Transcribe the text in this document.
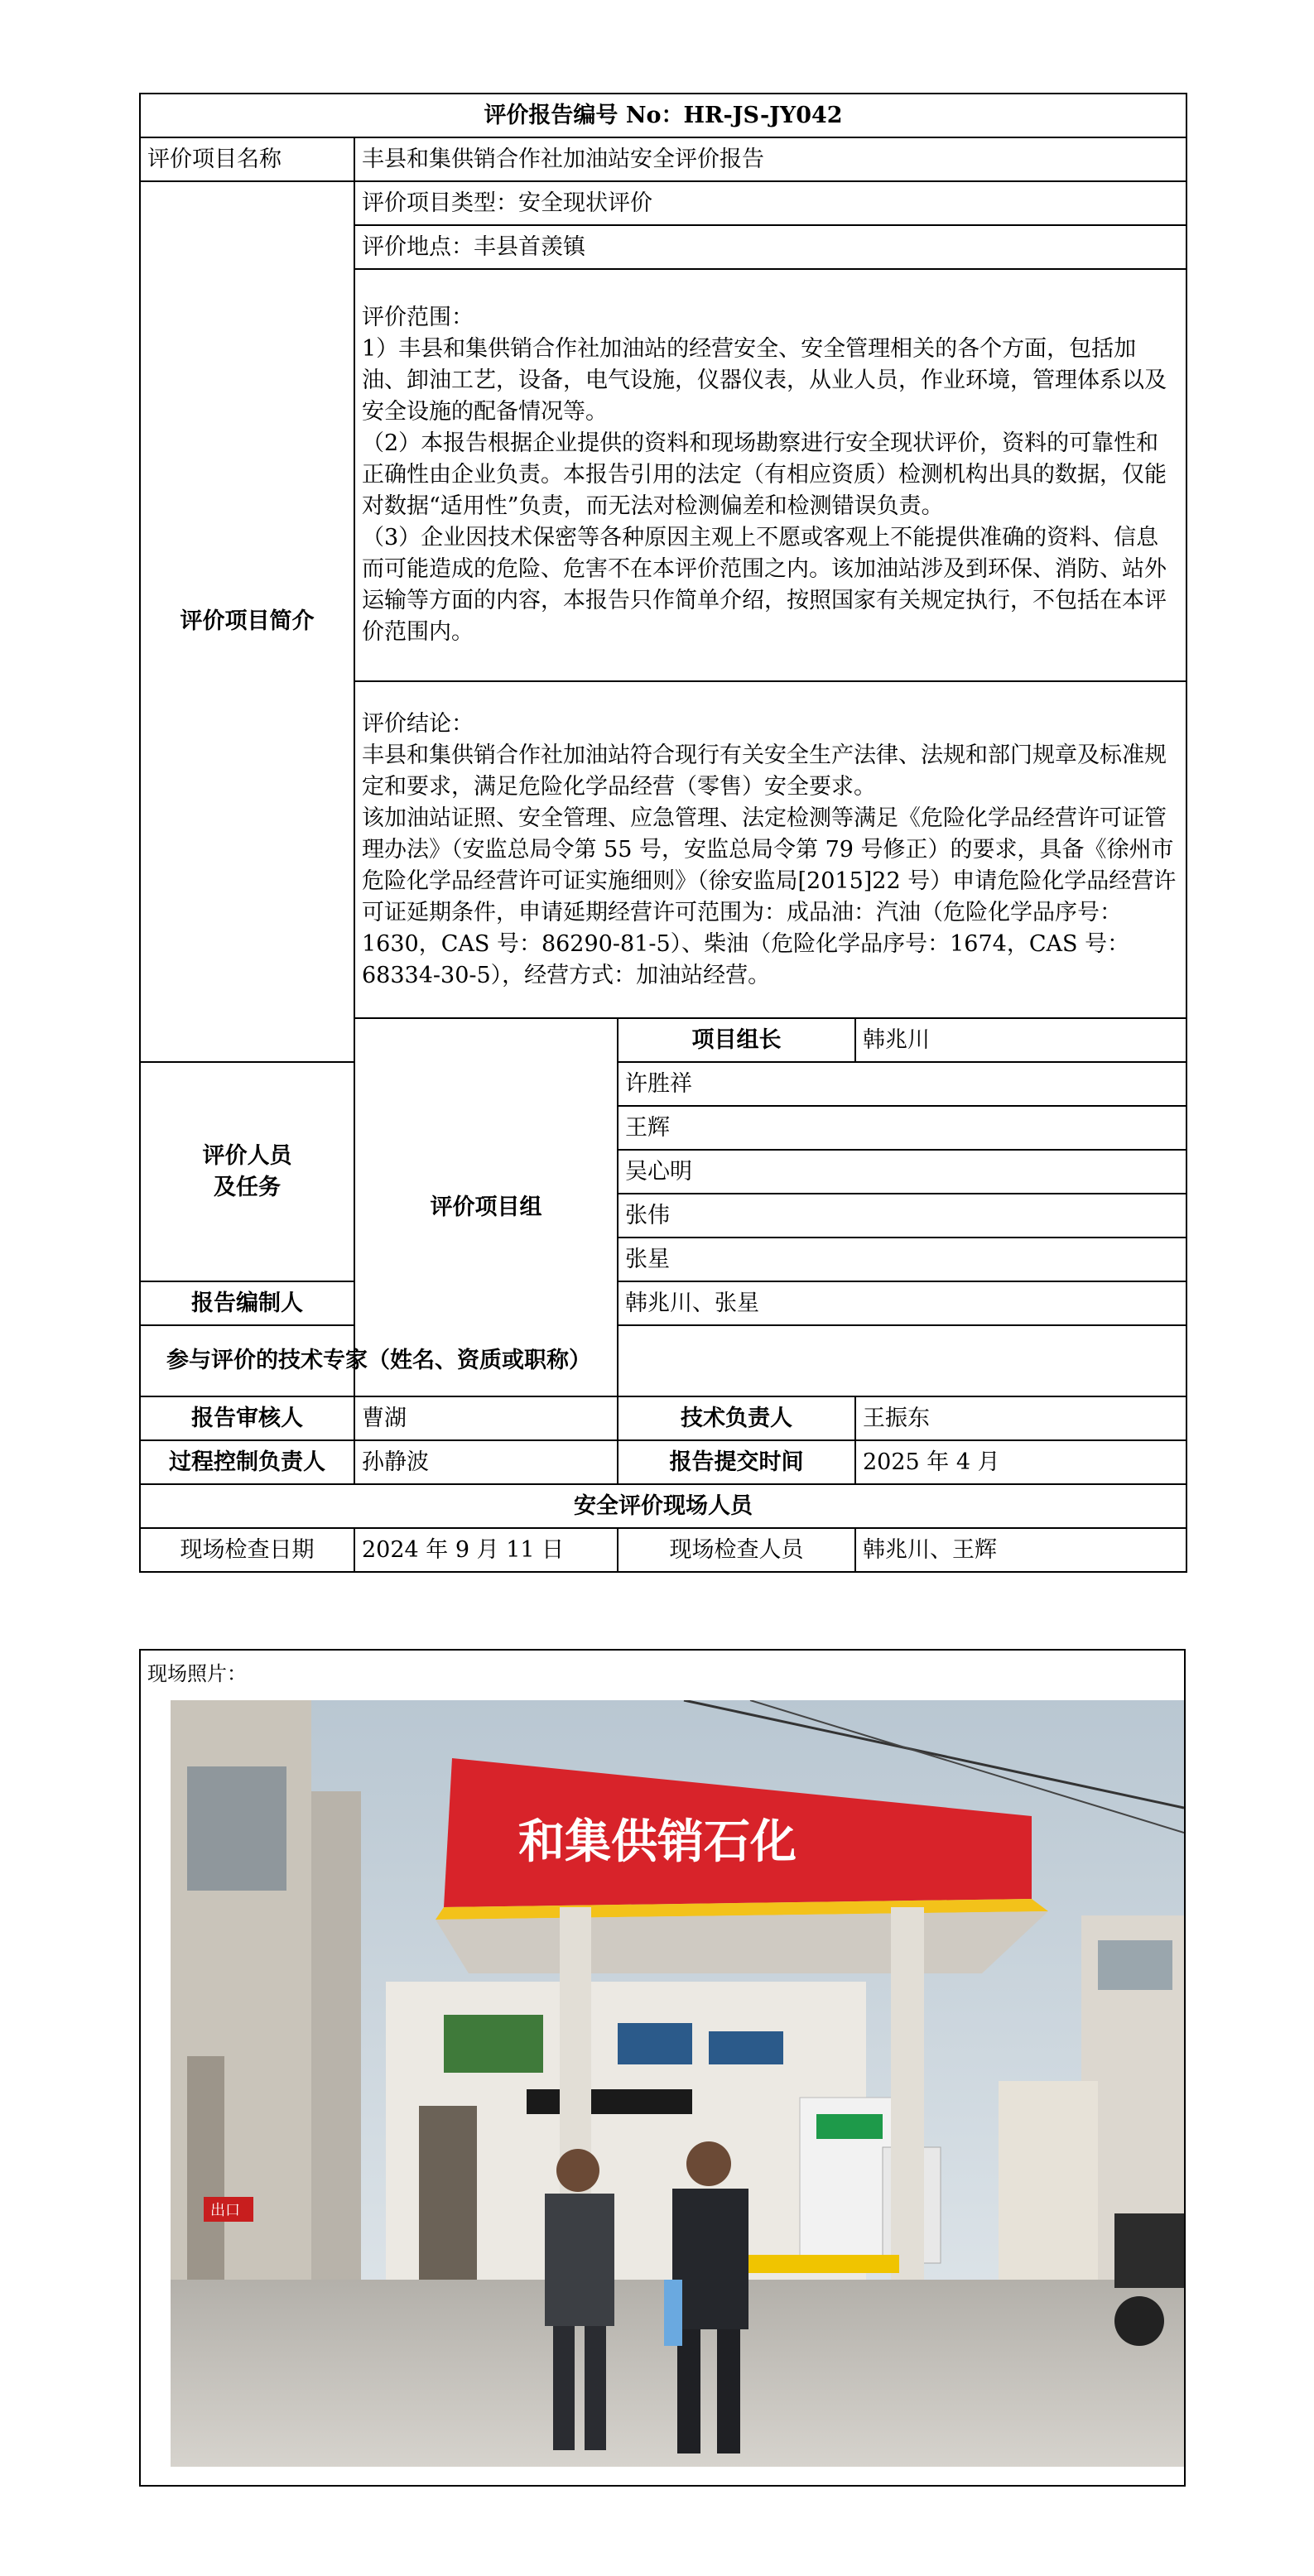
评价报告编号 No：HR-JS-JY042			
评价项目名称	丰县和集供销合作社加油站安全评价报告		
评价项目简介	评价项目类型：安全现状评价		
	评价地点：丰县首羡镇		

	评价范围：
1）丰县和集供销合作社加油站的经营安全、安全管理相关的各个方面，包括加油、卸油工艺，设备，电气设施，仪器仪表，从业人员，作业环境，管理体系以及安全设施的配备情况等。
（2）本报告根据企业提供的资料和现场勘察进行安全现状评价，资料的可靠性和正确性由企业负责。本报告引用的法定（有相应资质）检测机构出具的数据，仅能对数据“适用性”负责，而无法对检测偏差和检测错误负责。
（3）企业因技术保密等各种原因主观上不愿或客观上不能提供准确的资料、信息而可能造成的危险、危害不在本评价范围之内。该加油站涉及到环保、消防、站外运输等方面的内容，本报告只作简单介绍，按照国家有关规定执行，不包括在本评价范围内。		

	评价结论：
丰县和集供销合作社加油站符合现行有关安全生产法律、法规和部门规章及标准规定和要求，满足危险化学品经营（零售）安全要求。
该加油站证照、安全管理、应急管理、法定检测等满足《危险化学品经营许可证管理办法》（安监总局令第 55 号，安监总局令第 79 号修正）的要求，具备《徐州市危险化学品经营许可证实施细则》（徐安监局[2015]22 号）申请危险化学品经营许可证延期条件，申请延期经营许可范围为：成品油：汽油（危险化学品序号：1630，CAS 号：86290-81-5）、柴油（危险化学品序号：1674，CAS 号：68334-30-5），经营方式：加油站经营。		

	评价项目组	项目组长	韩兆川
评价人员
及任务		许胜祥	
		王辉	
		吴心明	
		张伟	
		张星	
报告编制人		韩兆川、张星	
参与评价的技术专家（姓名、资质或职称）			
报告审核人	曹湖	技术负责人	王振东
过程控制负责人	孙静波	报告提交时间	2025 年 4 月
安全评价现场人员			
现场检查日期	2024 年 9 月 11 日	现场检查人员	韩兆川、王辉
现场照片：
和集供销石化
出口
